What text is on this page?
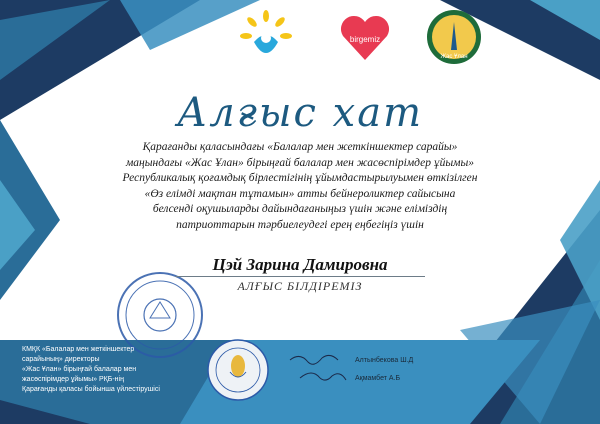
birgemiz
Жас Ұлан
Алғыс хат
Қарағанды қаласындағы «Балалар мен жеткіншектер сарайы»
маңындағы «Жас Ұлан» бірыңғай балалар мен жасөспірімдер ұйымы»
Республикалық қоғамдық бірлестігінің ұйымдастырылуымен өткізілген
«Өз елімді мақтан тұтамын» атты бейнероликтер сайысына
белсенді оқушыларды дайындағаныңыз үшін және еліміздің
патриоттарын тәрбиелеудегі ерең еңбегіңіз үшін
Цэй Зарина Дамировна
АЛҒЫС БІЛДІРЕМІЗ
КМҚК «Балалар мен жеткіншектер
сарайының» директоры
«Жас Ұлан» бірыңғай балалар мен
жасөспірімдер ұйымы» РҚБ-нің
Қарағанды қаласы бойынша үйлестірушісі
Алтынбекова Ш.Д
Ақмамбет А.Б
